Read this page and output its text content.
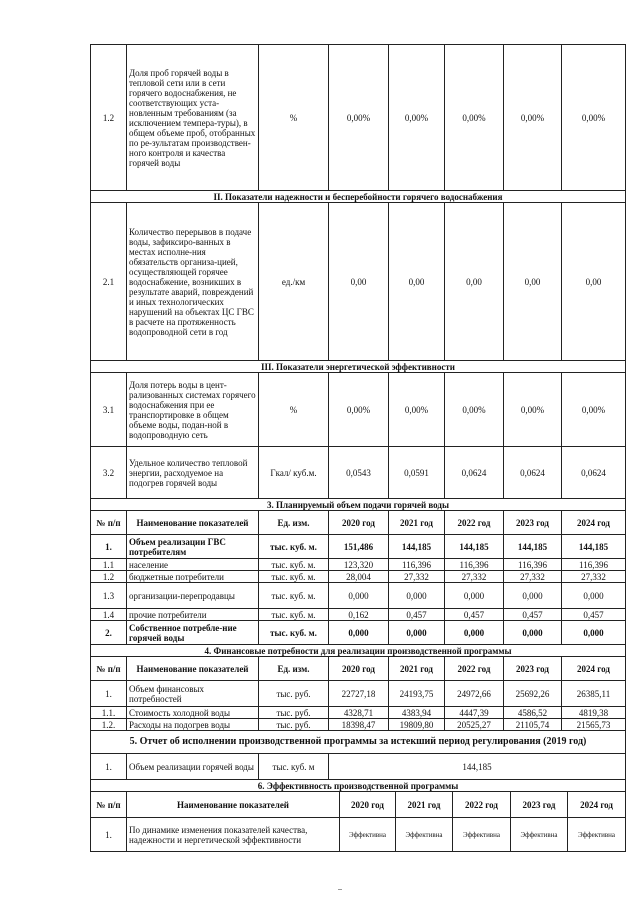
1.2	Доля проб горячей воды в тепловой сети или в сети горячего водоснабжения, не соответствующих уста-новленным требованиям (за исключением темпера-туры), в общем объеме проб, отобранных по ре-зультатам производствен-ного контроля и качества горячей воды	%	0,00%	0,00%	0,00%	0,00%	0,00%
II. Показатели надежности и бесперебойности горячего водоснабжения							
2.1	Количество перерывов в подаче воды, зафиксиро-ванных в местах исполне-ния обязательств организа-цией, осуществляющей горячее водоснабжение, возникших в результате аварий, повреждений и иных технологических нарушений на объектах ЦС ГВС в расчете на протяженность водопроводной сети в год	ед./км	0,00	0,00	0,00	0,00	0,00
III. Показатели энергетической эффективности							
3.1	Доля потерь воды в цент-рализованных системах горячего водоснабжения при ее транспортировке в общем объеме воды, подан-ной в водопроводную сеть	%	0,00%	0,00%	0,00%	0,00%	0,00%
3.2	Удельное количество тепловой энергии, расходуемое на подогрев горячей воды	Гкал/ куб.м.	0,0543	0,0591	0,0624	0,0624	0,0624
3. Планируемый объем подачи горячей воды							
№ п/п	Наименование показателей	Ед. изм.	2020 год	2021 год	2022 год	2023 год	2024 год
1.	Объем реализации ГВС потребителям	тыс. куб. м.	151,486	144,185	144,185	144,185	144,185
1.1	население	тыс. куб. м.	123,320	116,396	116,396	116,396	116,396
1.2	бюджетные потребители	тыс. куб. м.	28,004	27,332	27,332	27,332	27,332
1.3	организации-перепродавцы	тыс. куб. м.	0,000	0,000	0,000	0,000	0,000
1.4	прочие потребители	тыс. куб. м.	0,162	0,457	0,457	0,457	0,457
2.	Собственное потребле-ние горячей воды	тыс. куб. м.	0,000	0,000	0,000	0,000	0,000
4. Финансовые потребности для реализации производственной программы							
№ п/п	Наименование показателей	Ед. изм.	2020 год	2021 год	2022 год	2023 год	2024 год
1.	Объем финансовых потребностей	тыс. руб.	22727,18	24193,75	24972,66	25692,26	26385,11
1.1.	Стоимость холодной воды	тыс. руб.	4328,71	4383,94	4447,39	4586,52	4819,38
1.2.	Расходы на подогрев воды	тыс. руб.	18398,47	19809,80	20525,27	21105,74	21565,73
5. Отчет об исполнении производственной программы за истекший период регулирования (2019 год)							
1.	Объем реализации горячей воды	тыс. куб. м	144,185				
6. Эффективность производственной программы						
№ п/п	Наименование показателей	2020 год	2021 год	2022 год	2023 год	2024 год
1.	По динамике изменения показателей качества, надежности и нергетической эффективности	Эффективна	Эффективна	Эффективна	Эффективна	Эффективна
